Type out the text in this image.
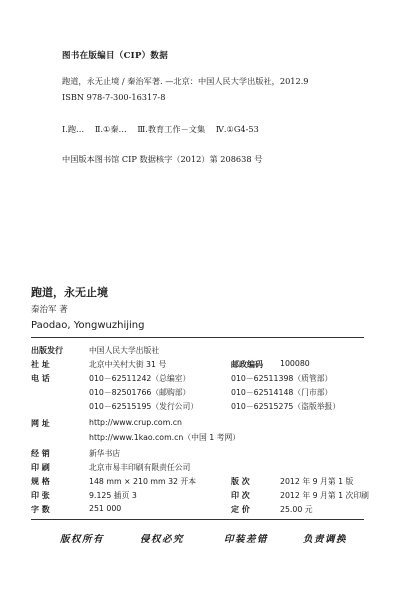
图书在版编目（CIP）数据
跑道，永无止境 / 秦治军著. —北京：中国人民大学出版社，2012.9
ISBN 978-7-300-16317-8
Ⅰ.跑… Ⅱ.①秦… Ⅲ.教育工作－文集 Ⅳ.①G4-53
中国版本图书馆 CIP 数据核字（2012）第 208638 号
跑道，永无止境
秦治军 著
Paodao, Yongwuzhijing
出版发行	中国人民大学出版社
社 址	北京中关村大街 31 号	邮政编码 100080
电 话	010－62511242（总编室）	010－62511398（质管部）
010－82501766（邮购部）	010－62514148（门市部）
010－62515195（发行公司）	010－62515275（盗版举报）
网 址	http://www.crup.com.cn
http://www.1kao.com.cn（中国 1 考网）
经 销	新华书店
印 刷	北京市易丰印刷有限责任公司
规 格	148 mm × 210 mm 32 开本	版 次	2012 年 9 月第 1 版
印 张	9.125 插页 3	印 次	2012 年 9 月第 1 次印刷
字 数	251 000	定 价	25.00 元
版权所有	侵权必究	印装差错	负责调换
